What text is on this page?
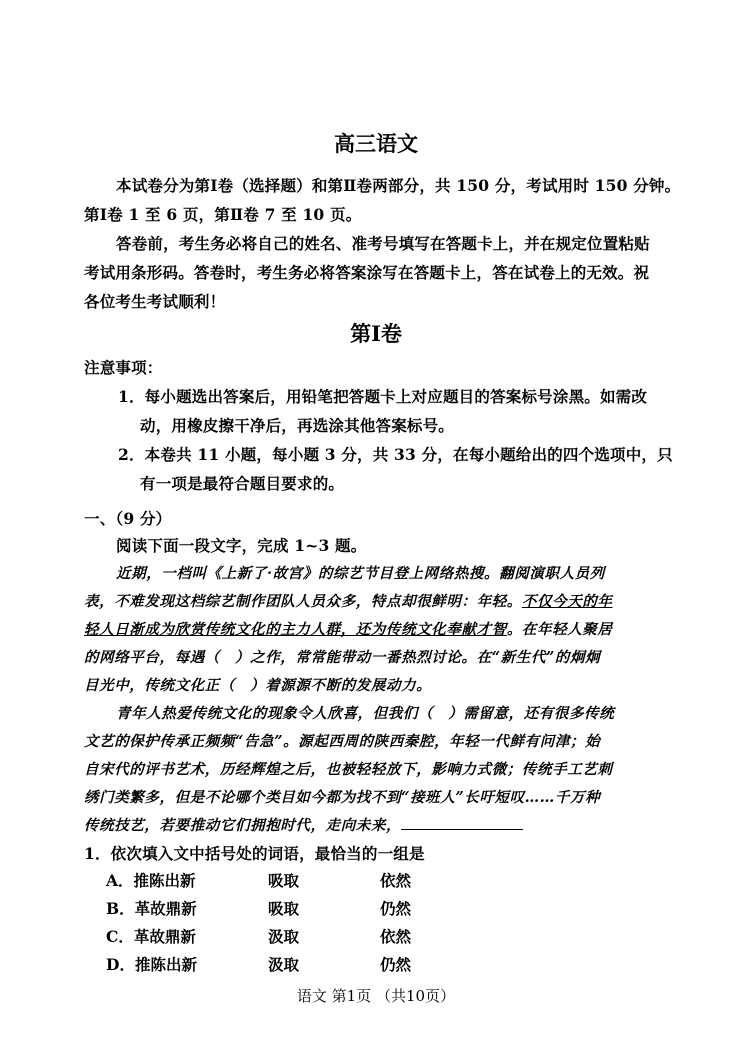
高三语文
本试卷分为第Ⅰ卷（选择题）和第Ⅱ卷两部分，共 150 分，考试用时 150 分钟。
第Ⅰ卷 1 至 6 页，第Ⅱ卷 7 至 10 页。
答卷前，考生务必将自己的姓名、准考号填写在答题卡上，并在规定位置粘贴
考试用条形码。答卷时，考生务必将答案涂写在答题卡上，答在试卷上的无效。祝
各位考生考试顺利！
第Ⅰ卷
注意事项：
1．每小题选出答案后，用铅笔把答题卡上对应题目的答案标号涂黑。如需改
动，用橡皮擦干净后，再选涂其他答案标号。
2．本卷共 11 小题，每小题 3 分，共 33 分，在每小题给出的四个选项中，只
有一项是最符合题目要求的。
一、（9 分）
阅读下面一段文字，完成 1~3 题。
近期，一档叫《上新了·故宫》的综艺节目登上网络热搜。翻阅演职人员列
表，不难发现这档综艺制作团队人员众多，特点却很鲜明：年轻。不仅今天的年
轻人日渐成为欣赏传统文化的主力人群，还为传统文化奉献才智。在年轻人聚居
的网络平台，每遇（　）之作，常常能带动一番热烈讨论。在“新生代”的炯炯
目光中，传统文化正（　）着源源不断的发展动力。
青年人热爱传统文化的现象令人欣喜，但我们（　）需留意，还有很多传统
文艺的保护传承正频频“告急”。源起西周的陕西秦腔，年轻一代鲜有问津；始
自宋代的评书艺术，历经辉煌之后，也被轻轻放下，影响力式微；传统手工艺刺
绣门类繁多，但是不论哪个类目如今都为找不到“接班人”长吁短叹……千万种
传统技艺，若要推动它们拥抱时代，走向未来，
1．依次填入文中括号处的词语，最恰当的一组是
A．推陈出新	吸取	依然
B．革故鼎新	吸取	仍然
C．革故鼎新	汲取	依然
D．推陈出新	汲取	仍然
语文 第1页 （共10页）
